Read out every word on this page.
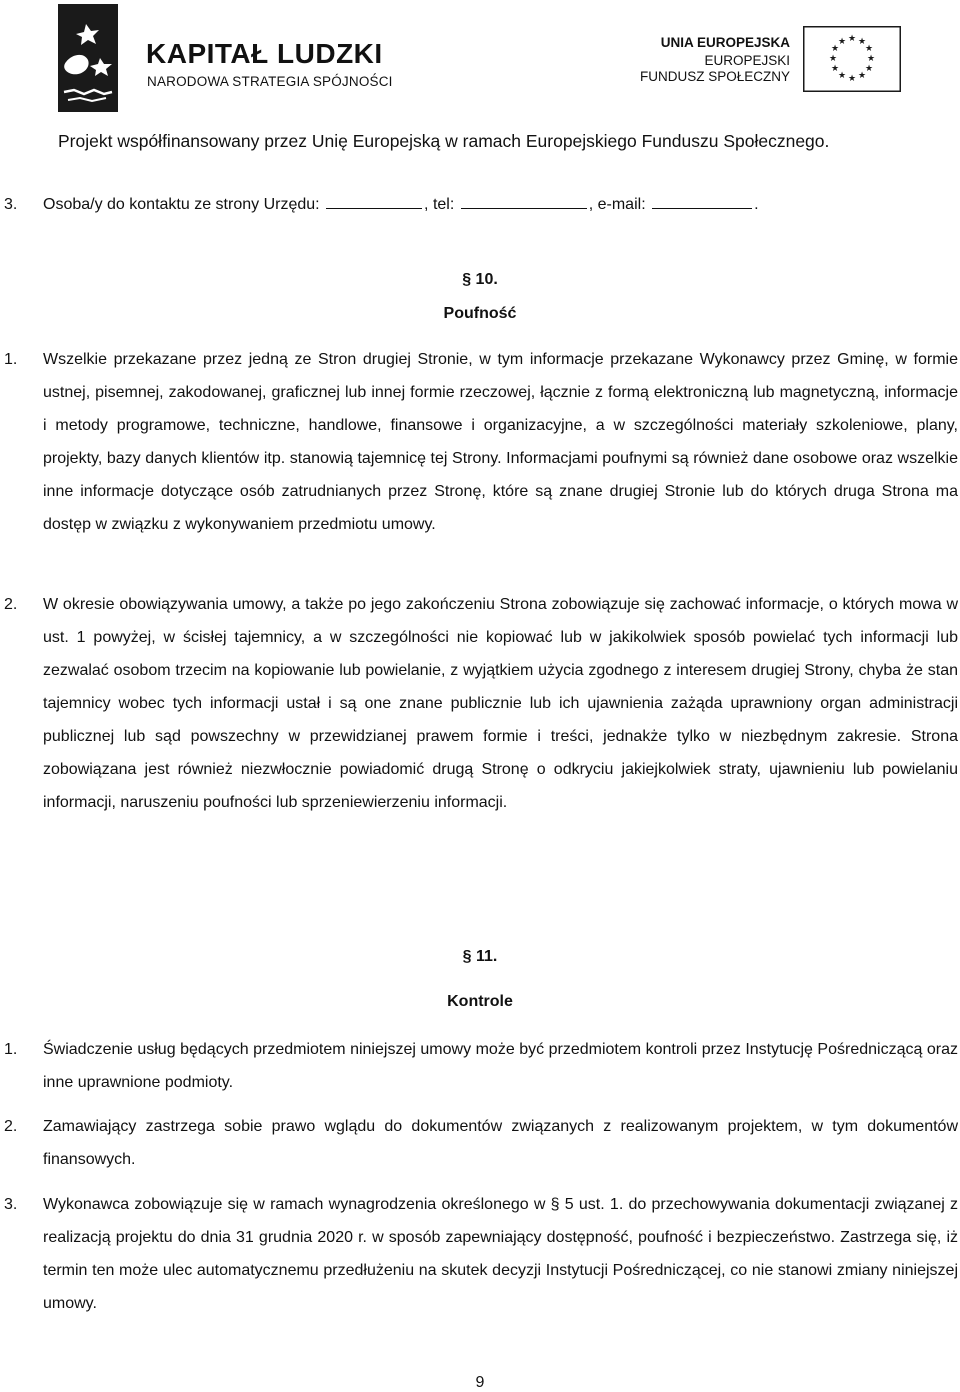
KAPITAŁ LUDZKI
NARODOWA STRATEGIA SPÓJNOŚCI
UNIA EUROPEJSKA
EUROPEJSKI
FUNDUSZ SPOŁECZNY
★ ★
★
★
★
★
★
★
★
★
★
★
Projekt współfinansowany przez Unię Europejską w ramach Europejskiego Funduszu Społecznego.
3. Osoba/y do kontaktu ze strony Urzędu:	, tel:	, e-mail:	.
§ 10.
Poufność
1. Wszelkie przekazane przez jedną ze Stron drugiej Stronie, w tym informacje przekazane Wykonawcy przez Gminę, w formie ustnej, pisemnej, zakodowanej, graficznej lub innej formie rzeczowej, łącznie z formą elektroniczną lub magnetyczną, informacje i metody programowe, techniczne, handlowe, finansowe i organizacyjne, a w szczególności materiały szkoleniowe, plany, projekty, bazy danych klientów itp. stanowią tajemnicę tej Strony. Informacjami poufnymi są również dane osobowe oraz wszelkie inne informacje dotyczące osób zatrudnianych przez Stronę, które są znane drugiej Stronie lub do których druga Strona ma dostęp w związku z wykonywaniem przedmiotu umowy.
2. W okresie obowiązywania umowy, a także po jego zakończeniu Strona zobowiązuje się zachować informacje, o których mowa w ust. 1 powyżej, w ścisłej tajemnicy, a w szczególności nie kopiować lub w jakikolwiek sposób powielać tych informacji lub zezwalać osobom trzecim na kopiowanie lub powielanie, z wyjątkiem użycia zgodnego z interesem drugiej Strony, chyba że stan tajemnicy wobec tych informacji ustał i są one znane publicznie lub ich ujawnienia zażąda uprawniony organ administracji publicznej lub sąd powszechny w przewidzianej prawem formie i treści, jednakże tylko w niezbędnym zakresie. Strona zobowiązana jest również niezwłocznie powiadomić drugą Stronę o odkryciu jakiejkolwiek straty, ujawnieniu lub powielaniu informacji, naruszeniu poufności lub sprzeniewierzeniu informacji.
§ 11.
Kontrole
1. Świadczenie usług będących przedmiotem niniejszej umowy może być przedmiotem kontroli przez Instytucję Pośredniczącą oraz inne uprawnione podmioty.
2. Zamawiający zastrzega sobie prawo wglądu do dokumentów związanych z realizowanym projektem, w tym dokumentów finansowych.
3. Wykonawca zobowiązuje się w ramach wynagrodzenia określonego w § 5 ust. 1. do przechowywania dokumentacji związanej z realizacją projektu do dnia 31 grudnia 2020 r. w sposób zapewniający dostępność, poufność i bezpieczeństwo. Zastrzega się, iż termin ten może ulec automatycznemu przedłużeniu na skutek decyzji Instytucji Pośredniczącej, co nie stanowi zmiany niniejszej umowy.
9
